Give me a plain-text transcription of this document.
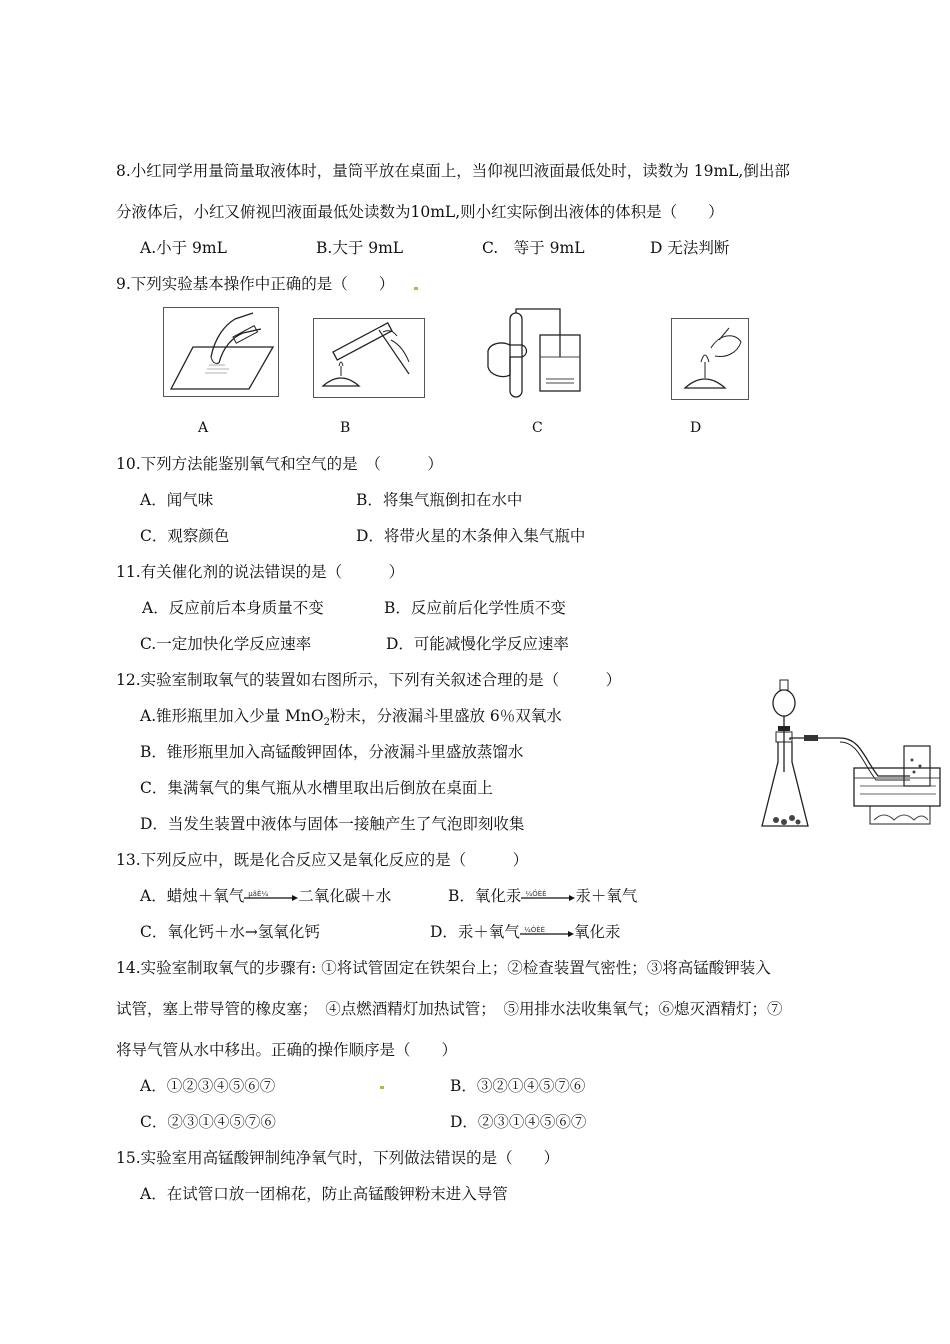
8.小红同学用量筒量取液体时，量筒平放在桌面上，当仰视凹液面最低处时，读数为 19mL,倒出部
分液体后，小红又俯视凹液面最低处读数为10mL,则小红实际倒出液体的体积是（　　）
A.小于 9mL	B.大于 9mL	C.　等于 9mL	D 无法判断
9.下列实验基本操作中正确的是（　　）
A	B	C	D
10.下列方法能鉴别氧气和空气的是　（　　　）
A．闻气味	B．将集气瓶倒扣在水中
C．观察颜色	D．将带火星的木条伸入集气瓶中
11.有关催化剂的说法错误的是（　　　）
A．反应前后本身质量不变	B．反应前后化学性质不变
C.一定加快化学反应速率	D．可能减慢化学反应速率
12.实验室制取氧气的装置如右图所示，下列有关叙述合理的是（　　　）
A.锥形瓶里加入少量 MnO$_2$粉末，分液漏斗里盛放 6％双氧水
B．锥形瓶里加入高锰酸钾固体，分液漏斗里盛放蒸馏水
C．集满氧气的集气瓶从水槽里取出后倒放在桌面上
D．当发生装置中液体与固体一接触产生了气泡即刻收集
13.下列反应中，既是化合反应又是氧化反应的是（　　　）
A．蜡烛＋氧气 µãÈ¼ 二氧化碳＋水	B．氧化汞 ¼ÓÈÈ 汞＋氧气
C．氧化钙＋水→氢氧化钙	D．汞＋氧气 ¼ÓÈÈ 氧化汞
14.实验室制取氧气的步骤有: ①将试管固定在铁架台上；②检查装置气密性；③将高锰酸钾装入
试管，塞上带导管的橡皮塞；　④点燃酒精灯加热试管；　⑤用排水法收集氧气；⑥熄灭酒精灯；⑦
将导气管从水中移出。正确的操作顺序是（　　）
A．①②③④⑤⑥⑦	B．③②①④⑤⑦⑥
C．②③①④⑤⑦⑥	D．②③①④⑤⑥⑦
15.实验室用高锰酸钾制纯净氧气时，下列做法错误的是（　　）
A．在试管口放一团棉花，防止高锰酸钾粉末进入导管
